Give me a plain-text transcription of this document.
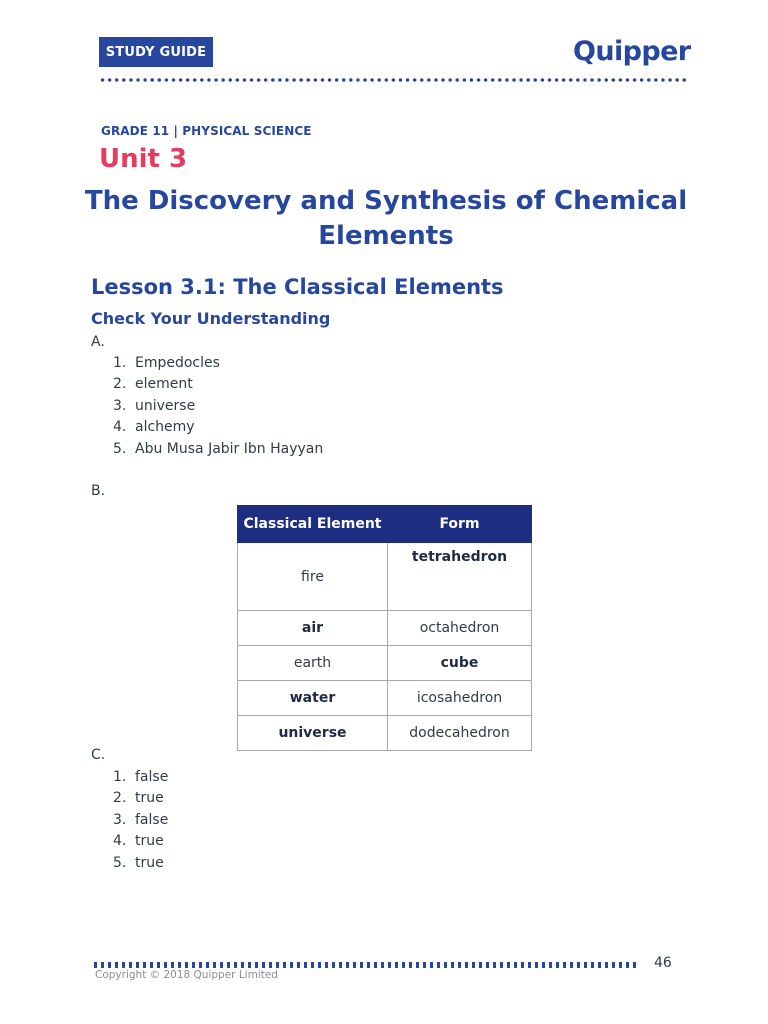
STUDY GUIDE	Quipper
GRADE 11 | PHYSICAL SCIENCE
Unit 3
The Discovery and Synthesis of Chemical Elements
Lesson 3.1: The Classical Elements
Check Your Understanding
A.
1. Empedocles
2. element
3. universe
4. alchemy
5. Abu Musa Jabir Ibn Hayyan
B.
Classical Element	Form
fire	tetrahedron
air	octahedron
earth	cube
water	icosahedron
universe	dodecahedron
C.
1. false
2. true
3. false
4. true
5. true
46
Copyright © 2018 Quipper Limited
